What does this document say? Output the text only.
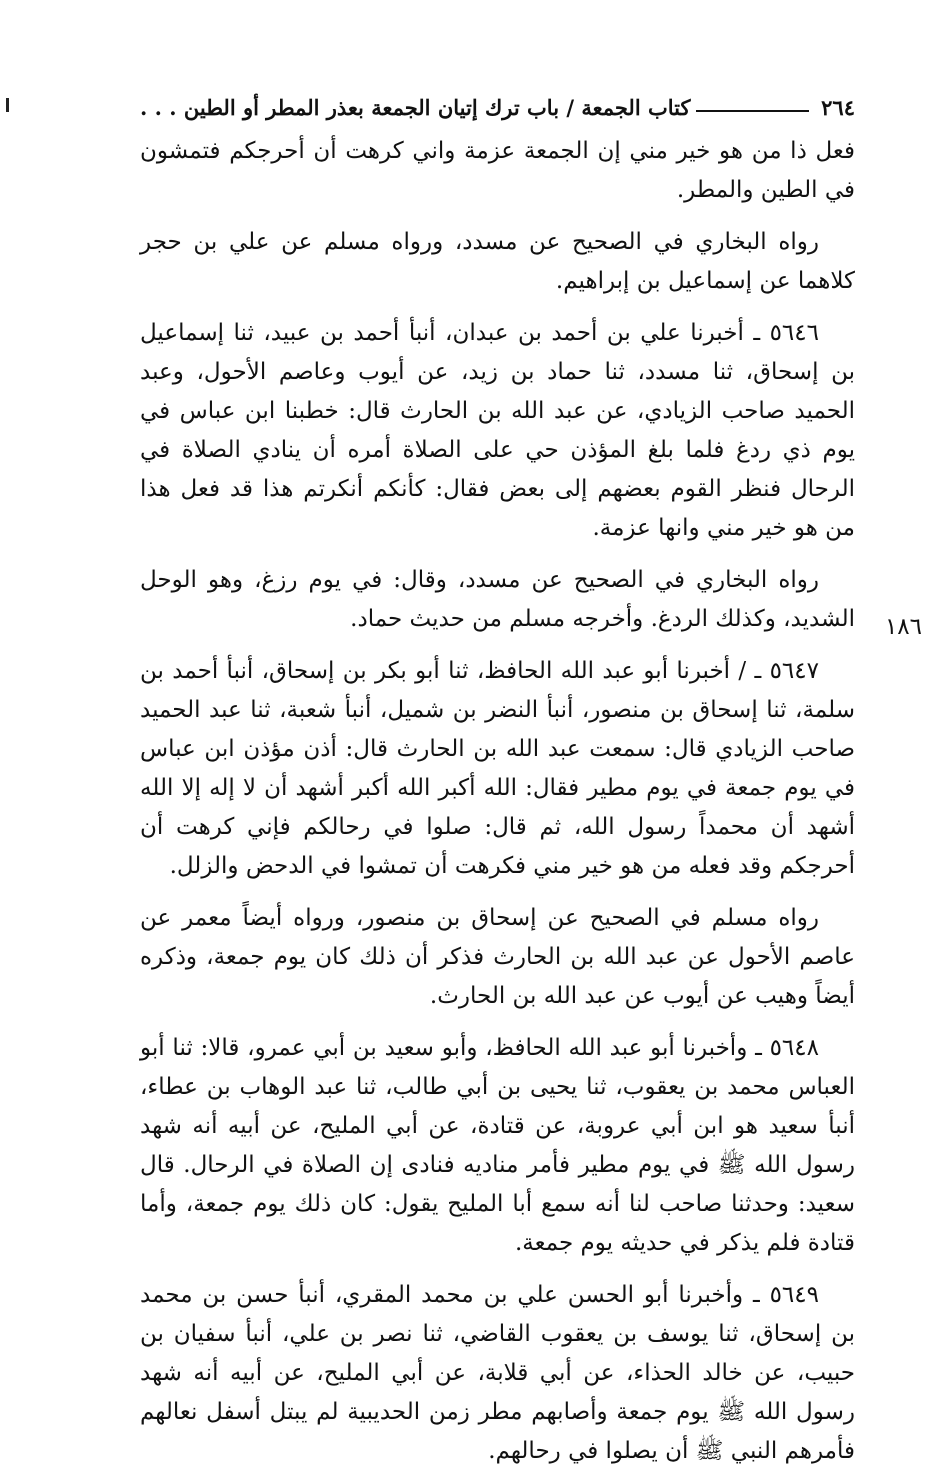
٢٦٤
كتاب الجمعة / باب ترك إتيان الجمعة بعذر المطر أو الطين . . .
١٨٦

فعل ذا من هو خير مني إن الجمعة عزمة واني كرهت أن أحرجكم فتمشون في الطين والمطر.

رواه البخاري في الصحيح عن مسدد، ورواه مسلم عن علي بن حجر كلاهما عن إسماعيل بن إبراهيم.

٥٦٤٦ ـ أخبرنا علي بن أحمد بن عبدان، أنبأ أحمد بن عبيد، ثنا إسماعيل بن إسحاق، ثنا مسدد، ثنا حماد بن زيد، عن أيوب وعاصم الأحول، وعبد الحميد صاحب الزيادي، عن عبد الله بن الحارث قال: خطبنا ابن عباس في يوم ذي ردغ فلما بلغ المؤذن حي على الصلاة أمره أن ينادي الصلاة في الرحال فنظر القوم بعضهم إلى بعض فقال: كأنكم أنكرتم هذا قد فعل هذا من هو خير مني وانها عزمة.

رواه البخاري في الصحيح عن مسدد، وقال: في يوم رزغ، وهو الوحل الشديد، وكذلك الردغ. وأخرجه مسلم من حديث حماد.

٥٦٤٧ ـ / أخبرنا أبو عبد الله الحافظ، ثنا أبو بكر بن إسحاق، أنبأ أحمد بن سلمة، ثنا إسحاق بن منصور، أنبأ النضر بن شميل، أنبأ شعبة، ثنا عبد الحميد صاحب الزيادي قال: سمعت عبد الله بن الحارث قال: أذن مؤذن ابن عباس في يوم جمعة في يوم مطير فقال: الله أكبر الله أكبر أشهد أن لا إله إلا الله أشهد أن محمداً رسول الله، ثم قال: صلوا في رحالكم فإني كرهت أن أحرجكم وقد فعله من هو خير مني فكرهت أن تمشوا في الدحض والزلل.

رواه مسلم في الصحيح عن إسحاق بن منصور، ورواه أيضاً معمر عن عاصم الأحول عن عبد الله بن الحارث فذكر أن ذلك كان يوم جمعة، وذكره أيضاً وهيب عن أيوب عن عبد الله بن الحارث.

٥٦٤٨ ـ وأخبرنا أبو عبد الله الحافظ، وأبو سعيد بن أبي عمرو، قالا: ثنا أبو العباس محمد بن يعقوب، ثنا يحيى بن أبي طالب، ثنا عبد الوهاب بن عطاء، أنبأ سعيد هو ابن أبي عروبة، عن قتادة، عن أبي المليح، عن أبيه أنه شهد رسول الله ﷺ في يوم مطير فأمر مناديه فنادى إن الصلاة في الرحال. قال سعيد: وحدثنا صاحب لنا أنه سمع أبا المليح يقول: كان ذلك يوم جمعة، وأما قتادة فلم يذكر في حديثه يوم جمعة.

٥٦٤٩ ـ وأخبرنا أبو الحسن علي بن محمد المقري، أنبأ حسن بن محمد بن إسحاق، ثنا يوسف بن يعقوب القاضي، ثنا نصر بن علي، أنبأ سفيان بن حبيب، عن خالد الحذاء، عن أبي قلابة، عن أبي المليح، عن أبيه أنه شهد رسول الله ﷺ يوم جمعة وأصابهم مطر زمن الحديبية لم يبتل أسفل نعالهم فأمرهم النبي ﷺ أن يصلوا في رحالهم.
